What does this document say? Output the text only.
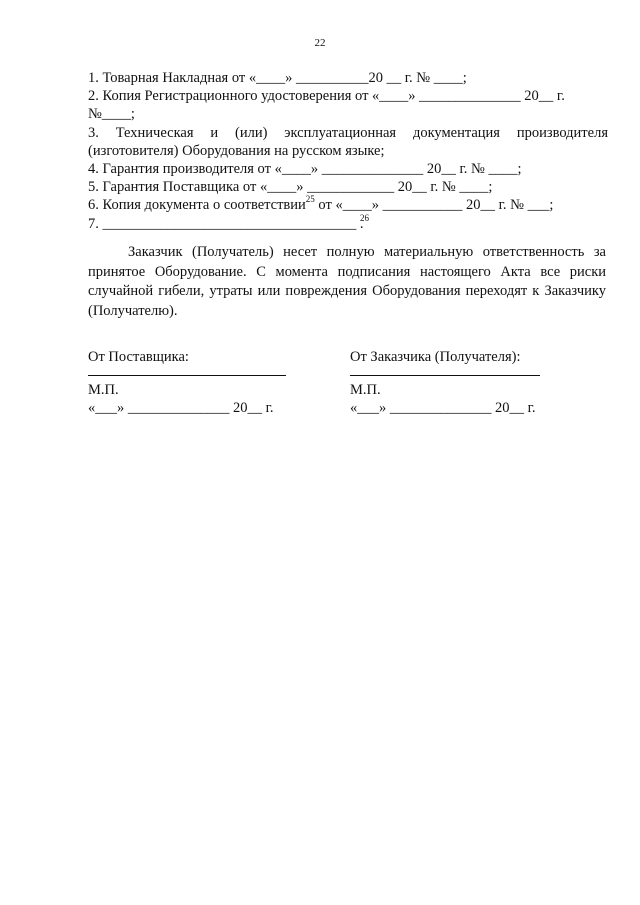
22
1. Товарная Накладная от «____» __________20 __ г. № ____;
2. Копия Регистрационного удостоверения от «____» ______________ 20__ г.
№____;
3. Техническая и (или) эксплуатационная документация производителя
(изготовителя) Оборудования на русском языке;
4. Гарантия производителя от «____» ______________ 20__ г. № ____;
5. Гарантия Поставщика от «____» ____________ 20__ г. № ____;
6. Копия документа о соответствии$^{25}$ от «____» ___________ 20__ г. № ___;
7. ___________________________________ .
26
Заказчик (Получатель) несет полную материальную ответственность за принятое Оборудование. С момента подписания настоящего Акта все риски случайной гибели, утраты или повреждения Оборудования переходят к Заказчику (Получателю).
От Поставщика:
М.П.
«___» ______________ 20__ г.
От Заказчика (Получателя):
М.П.
«___» ______________ 20__ г.
